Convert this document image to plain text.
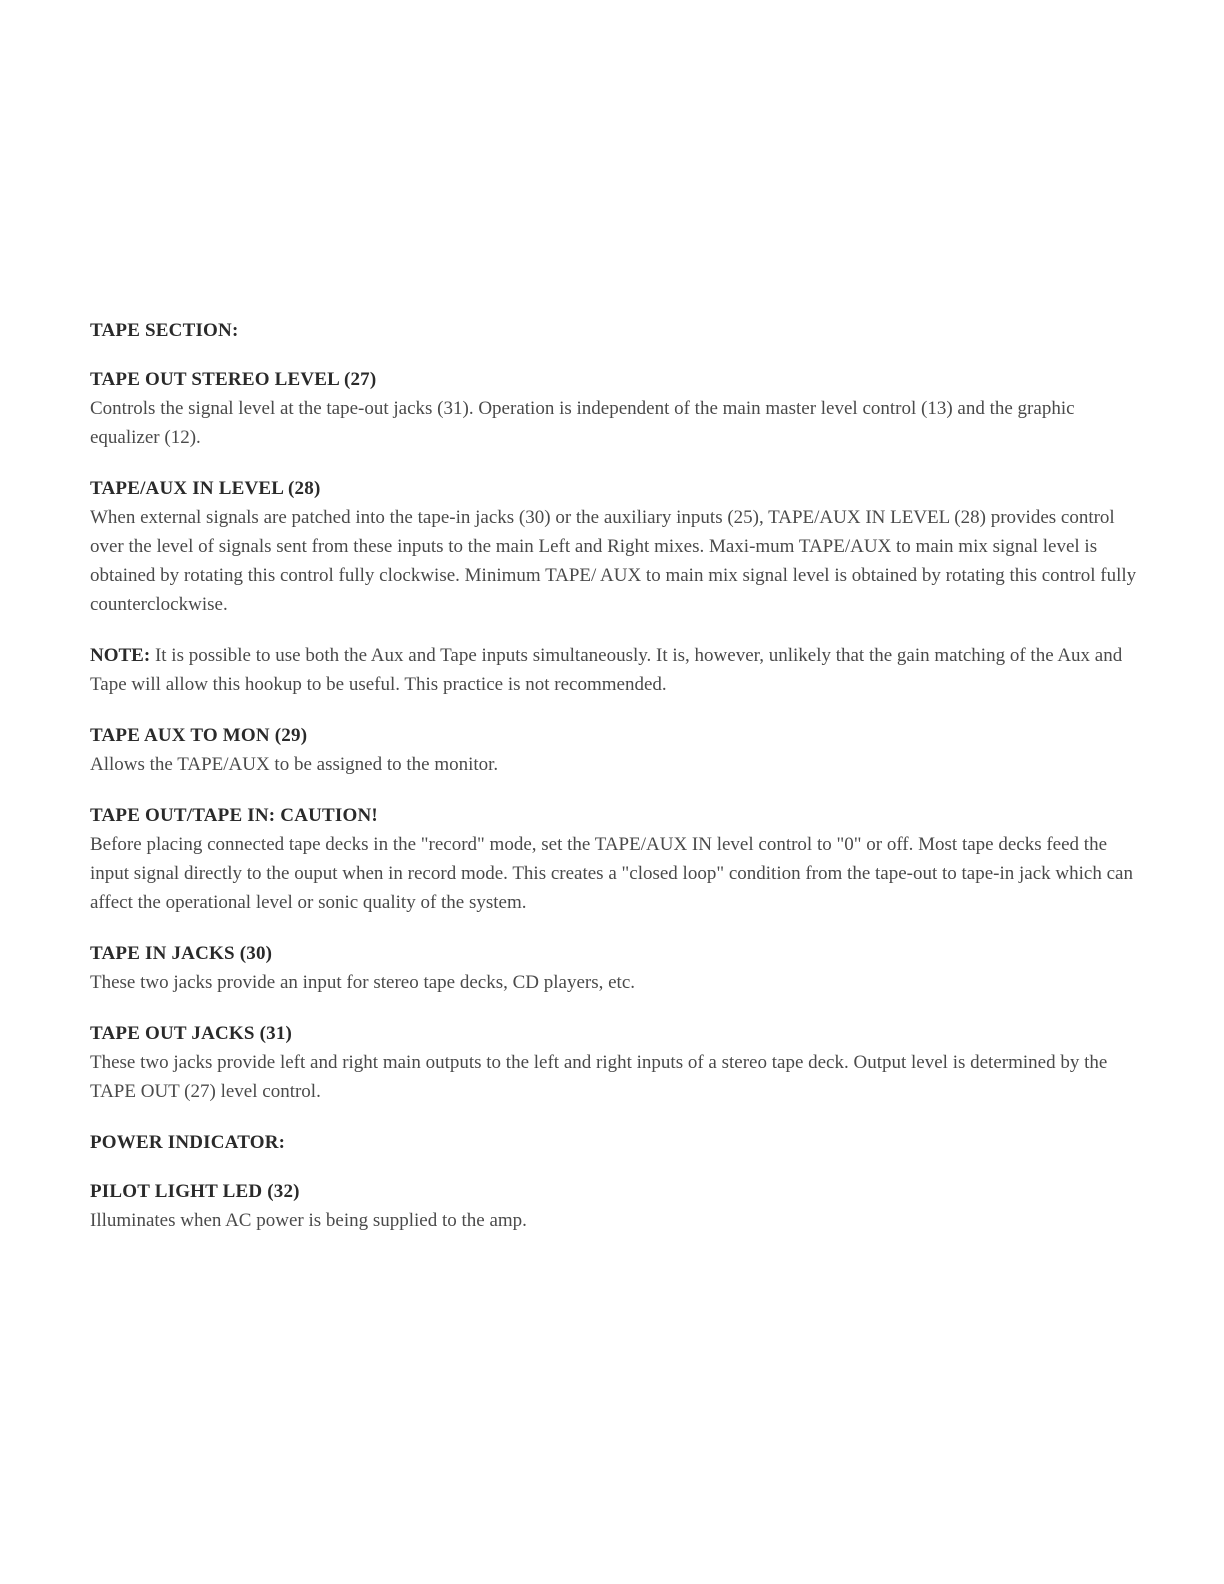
TAPE SECTION:
TAPE OUT STEREO LEVEL (27)
Controls the signal level at the tape-out jacks (31). Operation is independent of the main master level control (13) and the graphic equalizer (12).
TAPE/AUX IN LEVEL (28)
When external signals are patched into the tape-in jacks (30) or the auxiliary inputs (25), TAPE/AUX IN LEVEL (28) provides control over the level of signals sent from these inputs to the main Left and Right mixes. Maxi-mum TAPE/AUX to main mix signal level is obtained by rotating this control fully clockwise. Minimum TAPE/ AUX to main mix signal level is obtained by rotating this control fully counterclockwise.
NOTE: It is possible to use both the Aux and Tape inputs simultaneously. It is, however, unlikely that the gain matching of the Aux and Tape will allow this hookup to be useful. This practice is not recommended.
TAPE AUX TO MON (29)
Allows the TAPE/AUX to be assigned to the monitor.
TAPE OUT/TAPE IN: CAUTION!
Before placing connected tape decks in the "record" mode, set the TAPE/AUX IN level control to "0" or off. Most tape decks feed the input signal directly to the ouput when in record mode. This creates a "closed loop" condition from the tape-out to tape-in jack which can affect the operational level or sonic quality of the system.
TAPE IN JACKS (30)
These two jacks provide an input for stereo tape decks, CD players, etc.
TAPE OUT JACKS (31)
These two jacks provide left and right main outputs to the left and right inputs of a stereo tape deck. Output level is determined by the TAPE OUT (27) level control.
POWER INDICATOR:
PILOT LIGHT LED (32)
Illuminates when AC power is being supplied to the amp.
